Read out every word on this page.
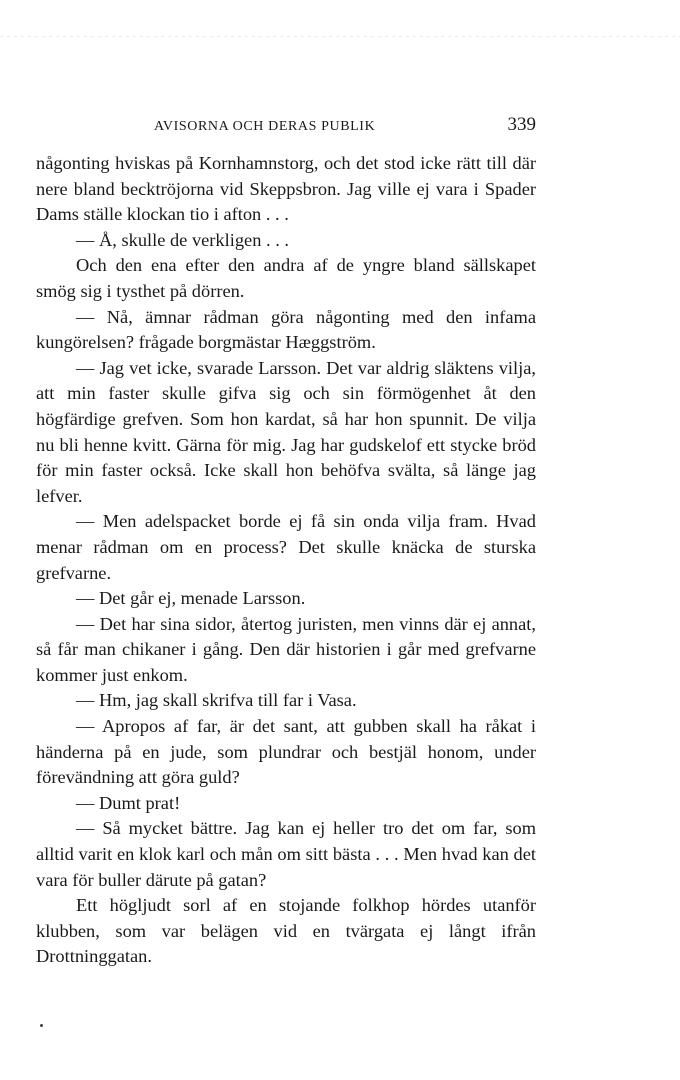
AVISORNA OCH DERAS PUBLIK	339

någonting hviskas på Kornhamnstorg, och det stod icke rätt till där nere bland becktröjorna vid Skeppsbron. Jag ville ej vara i Spader Dams ställe klockan tio i afton . . .

— Å, skulle de verkligen . . .

Och den ena efter den andra af de yngre bland sällskapet smög sig i tysthet på dörren.

— Nå, ämnar rådman göra någonting med den infama kungörelsen? frågade borgmästar Hæggström.

— Jag vet icke, svarade Larsson. Det var aldrig släktens vilja, att min faster skulle gifva sig och sin förmögenhet åt den högfärdige grefven. Som hon kardat, så har hon spunnit. De vilja nu bli henne kvitt. Gärna för mig. Jag har gudskelof ett stycke bröd för min faster också. Icke skall hon behöfva svälta, så länge jag lefver.

— Men adelspacket borde ej få sin onda vilja fram. Hvad menar rådman om en process? Det skulle knäcka de sturska grefvarne.

— Det går ej, menade Larsson.

— Det har sina sidor, återtog juristen, men vinns där ej annat, så får man chikaner i gång. Den där historien i går med grefvarne kommer just enkom.

— Hm, jag skall skrifva till far i Vasa.

— Apropos af far, är det sant, att gubben skall ha råkat i händerna på en jude, som plundrar och bestjäl honom, under förevändning att göra guld?

— Dumt prat!

— Så mycket bättre. Jag kan ej heller tro det om far, som alltid varit en klok karl och mån om sitt bästa . . . Men hvad kan det vara för buller därute på gatan?

Ett högljudt sorl af en stojande folkhop hördes utanför klubben, som var belägen vid en tvärgata ej långt ifrån Drottninggatan.
